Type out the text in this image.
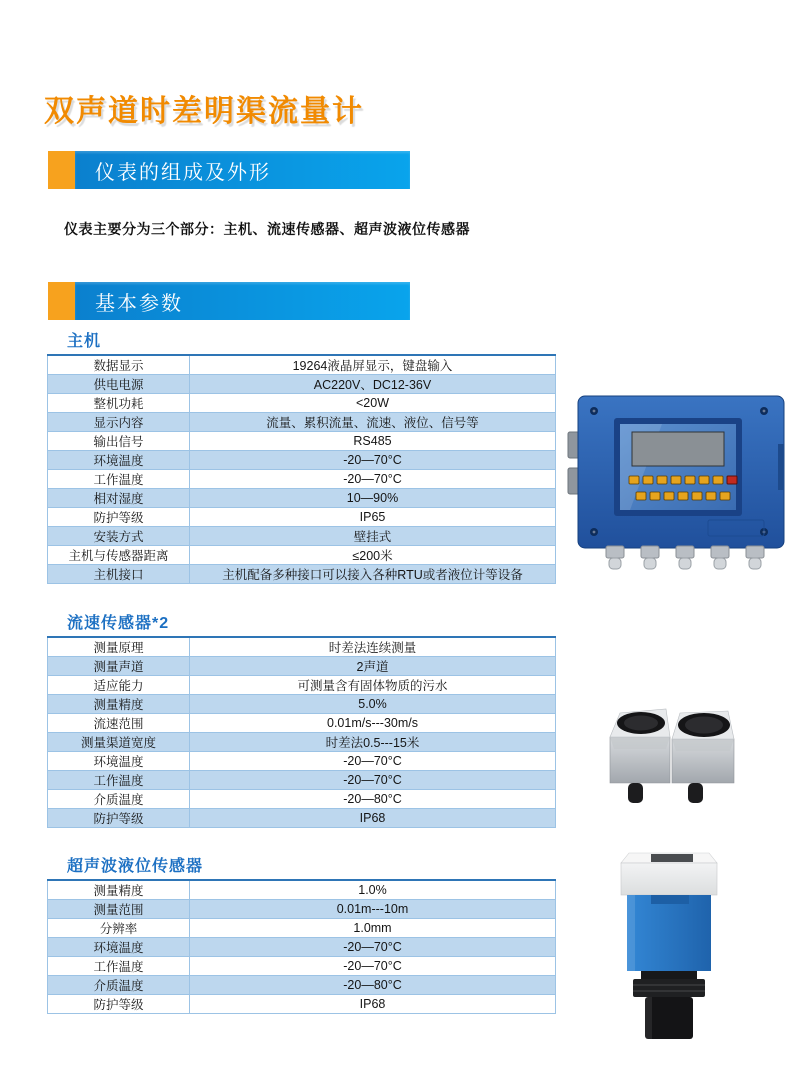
双声道时差明渠流量计
仪表的组成及外形
仪表主要分为三个部分：主机、流速传感器、超声波液位传感器
基本参数
主机
数据显示	19264液晶屏显示，键盘输入
供电电源	AC220V、DC12-36V
整机功耗	<20W
显示内容	流量、累积流量、流速、液位、信号等
输出信号	RS485
环境温度	-20—70°C
工作温度	-20—70°C
相对湿度	10—90%
防护等级	IP65
安装方式	壁挂式
主机与传感器距离	≤200米
主机接口	主机配备多种接口可以接入各种RTU或者液位计等设备
流速传感器*2
测量原理	时差法连续测量
测量声道	2声道
适应能力	可测量含有固体物质的污水
测量精度	5.0%
流速范围	0.01m/s---30m/s
测量渠道宽度	时差法0.5---15米
环境温度	-20—70°C
工作温度	-20—70°C
介质温度	-20—80°C
防护等级	IP68
超声波液位传感器
测量精度	1.0%
测量范围	0.01m---10m
分辨率	1.0mm
环境温度	-20—70°C
工作温度	-20—70°C
介质温度	-20—80°C
防护等级	IP68
